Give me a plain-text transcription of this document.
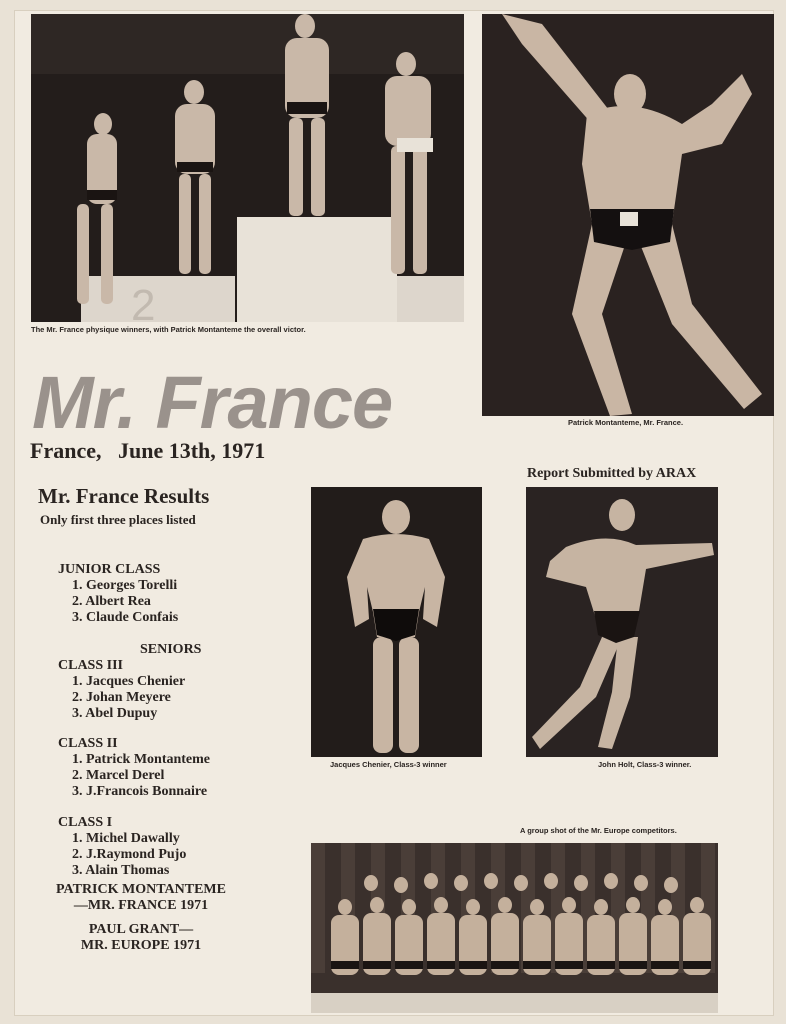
2
The Mr. France physique winners, with Patrick Montanteme the overall victor.
Patrick Montanteme, Mr. France.
Mr. France
France,   June 13th, 1971
Report Submitted by ARAX
Mr. France Results
Only first three places listed
JUNIOR CLASS
1. Georges Torelli
2. Albert Rea
3. Claude Confais
SENIORS
CLASS III
1. Jacques Chenier
2. Johan Meyere
3. Abel Dupuy
CLASS II
1. Patrick Montanteme
2. Marcel Derel
3. J.Francois Bonnaire
CLASS I
1. Michel Dawally
2. J.Raymond Pujo
3. Alain Thomas
PATRICK MONTANTEME
—MR. FRANCE 1971
PAUL GRANT—
MR. EUROPE 1971
Jacques Chenier, Class-3 winner	John Holt, Class-3 winner.
A group shot of the Mr. Europe competitors.
